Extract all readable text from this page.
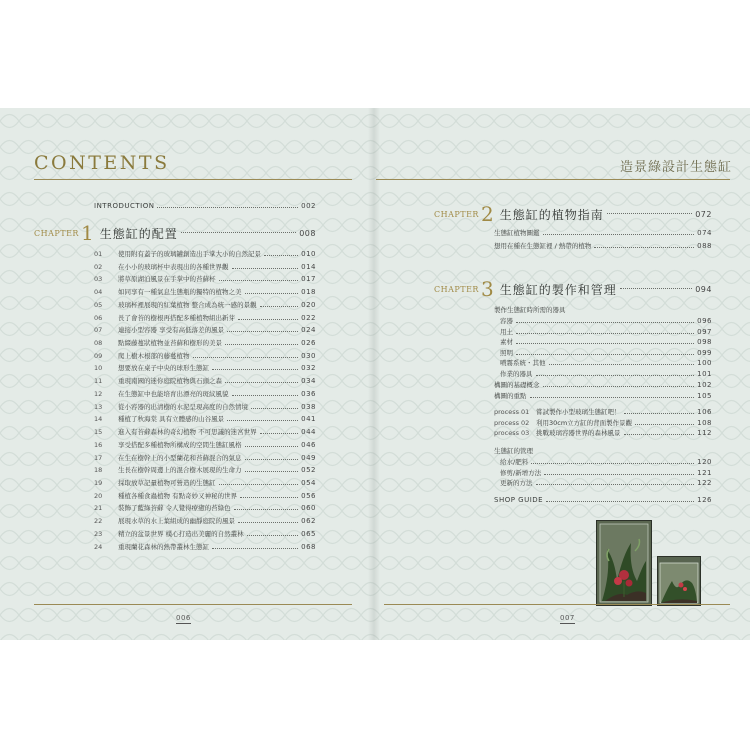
CONTENTS	造景綠設計生態缸
INTRODUCTION	002
CHAPTER 1 生態缸的配置	008
01	使用附有蓋子的玻璃罐創造出手掌大小的自然記景	010
02	在小小的玻璃杯中表現出的各種世界觀	014
03	將草原湖泊風景在手掌中的苔蘚杯	017
04	如同享有一種氣息生態瓶的獨特的植物之美	018
05	玻璃杯裡展現的紅葉植物 整合成為統一感的景觀	020
06	長了會苔的樹根再搭配多種植物組出新芽	022
07	連接小型容器 享受有高低落差的風景	024
08	點綴藤蔓狀植物並苔蘚和樹形的美景	026
09	爬上樹木根部的藤蔓植物	030
10	想要放在桌子中央的球形生態缸	032
11	重現南國的迷你庭院植物與石頭之森	034
12	在生態缸中也能培育出漂亮的斑紋風貌	036
13	從小容器的出清樹的水泥呈現高度的自然情境	038
14	種植了秋海棠 具有立體感的山谷風景	041
15	進入有苔蘚森林的奇幻植物 不可思議的迷宮世界	044
16	享受搭配多種植物所構成的空間生態缸風格	046
17	在生在樹幹上的小型蘭花和苔蘚混合的氣息	049
18	生長在樹幹周邊上的混合樹木展現的生命力	052
19	採取放草記量植物可營造的生態缸	054
20	種植各種食蟲植物 有點奇妙又神秘的世界	056
21	裝飾了藍綠苔蘚 令人覺得療癒的苔綠色	060
22	展現水草的水上葉組成的幽靜庭院的風景	062
23	精立的盆景世界 樸心打造出美麗的自然叢林	065
24	重現蘭花森林的熱帶叢林生態缸	068
006
CHAPTER 2 生態缸的植物指南	072
生態缸植物圖鑑	074
想用在種在生態缸裡 / 熱帶的植物	088
CHAPTER 3 生態缸的製作和管理	094
製作生態缸時所需的器具
容器	096
用土	097
素材	098
照明	099
噴霧系統・其他	100
作業的器具	101
構圖的基礎概念	102
構圖的重點	105
process 01	嘗試製作小型玻璃生態缸吧！	106
process 02	利用30cm立方缸的背面製作景觀	108
process 03	挑戰玻璃容器世界的森林風景	112
生態缸的管理
給水/肥料	120
修剪/新增方法	121
更新的方法	122
SHOP GUIDE	126
007
